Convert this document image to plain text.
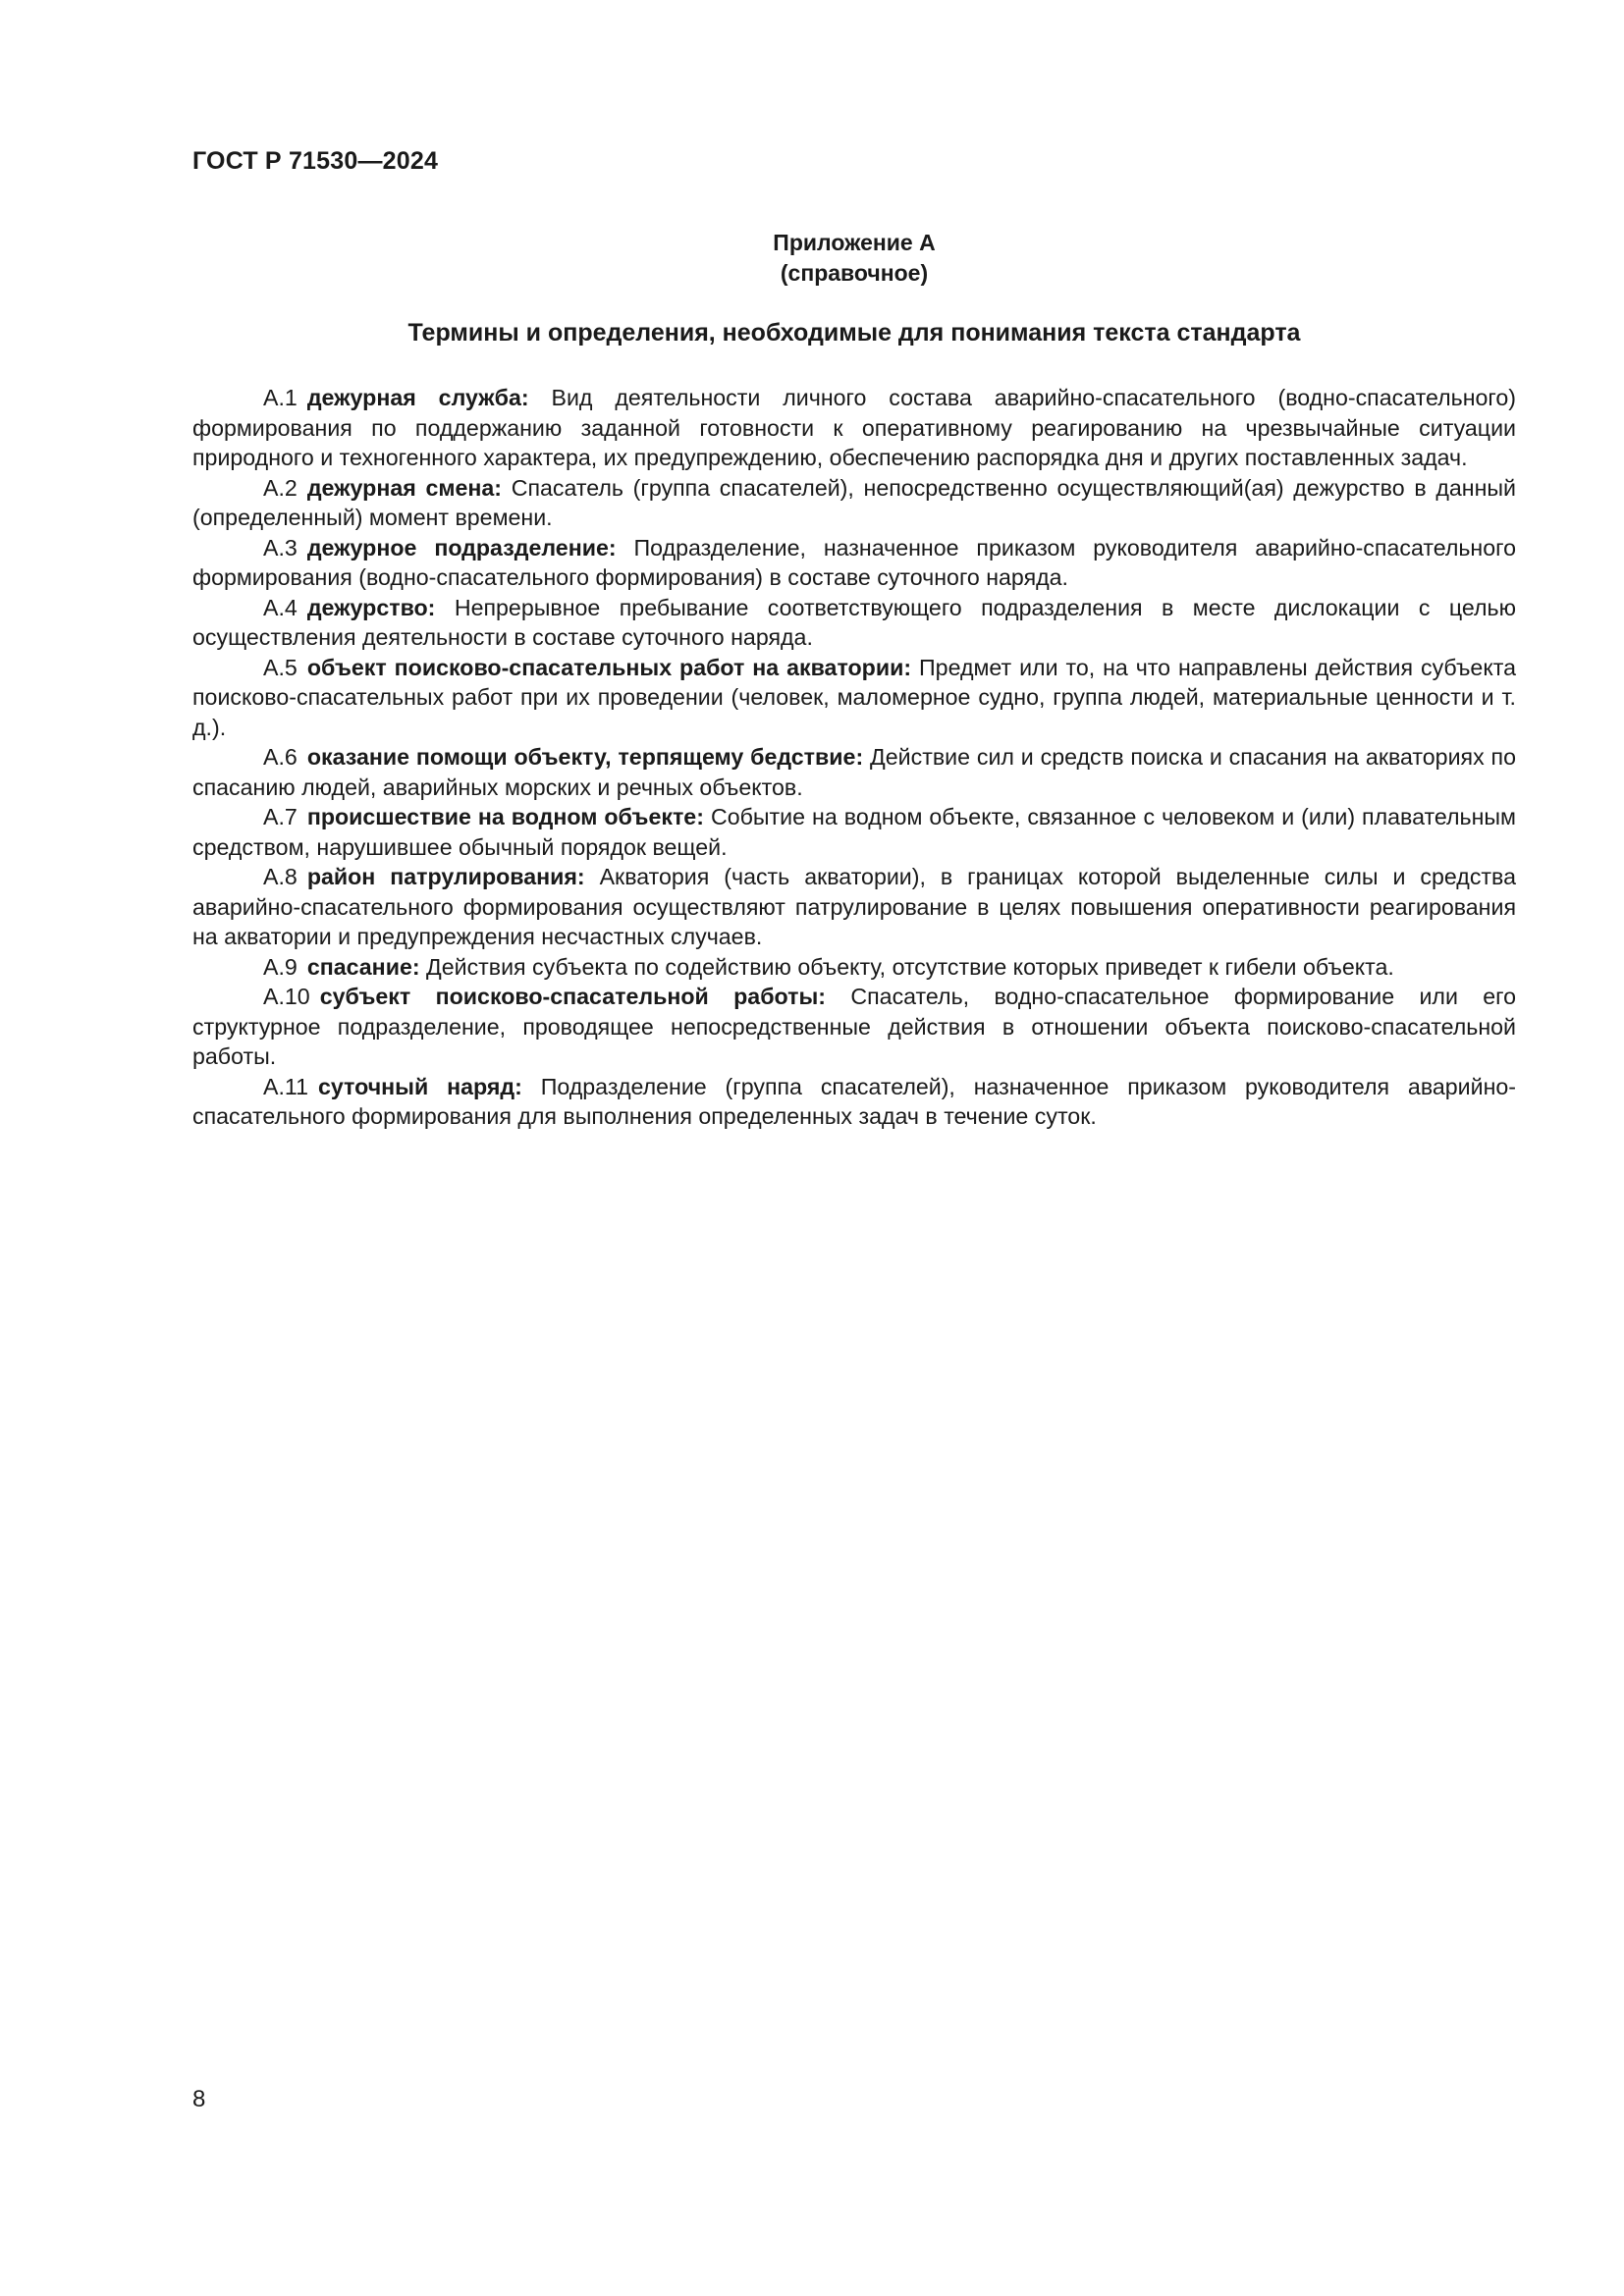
ГОСТ Р 71530—2024
Приложение А
(справочное)
Термины и определения, необходимые для понимания текста стандарта

А.1 дежурная служба: Вид деятельности личного состава аварийно-спасательного (водно-спасательного) формирования по поддержанию заданной готовности к оперативному реагированию на чрезвычайные ситуации природного и техногенного характера, их предупреждению, обеспечению распорядка дня и других поставленных задач.

А.2 дежурная смена: Спасатель (группа спасателей), непосредственно осуществляющий(ая) дежурство в данный (определенный) момент времени.

А.3 дежурное подразделение: Подразделение, назначенное приказом руководителя аварийно-спасательного формирования (водно-спасательного формирования) в составе суточного наряда.

А.4 дежурство: Непрерывное пребывание соответствующего подразделения в месте дислокации с целью осуществления деятельности в составе суточного наряда.

А.5 объект поисково-спасательных работ на акватории: Предмет или то, на что направлены действия субъекта поисково-спасательных работ при их проведении (человек, маломерное судно, группа людей, материальные ценности и т. д.).

А.6 оказание помощи объекту, терпящему бедствие: Действие сил и средств поиска и спасания на акваториях по спасанию людей, аварийных морских и речных объектов.

А.7 происшествие на водном объекте: Событие на водном объекте, связанное с человеком и (или) плавательным средством, нарушившее обычный порядок вещей.

А.8 район патрулирования: Акватория (часть акватории), в границах которой выделенные силы и средства аварийно-спасательного формирования осуществляют патрулирование в целях повышения оперативности реагирования на акватории и предупреждения несчастных случаев.

А.9 спасание: Действия субъекта по содействию объекту, отсутствие которых приведет к гибели объекта.

А.10 субъект поисково-спасательной работы: Спасатель, водно-спасательное формирование или его структурное подразделение, проводящее непосредственные действия в отношении объекта поисково-спасательной работы.

А.11 суточный наряд: Подразделение (группа спасателей), назначенное приказом руководителя аварийно-спасательного формирования для выполнения определенных задач в течение суток.

8
